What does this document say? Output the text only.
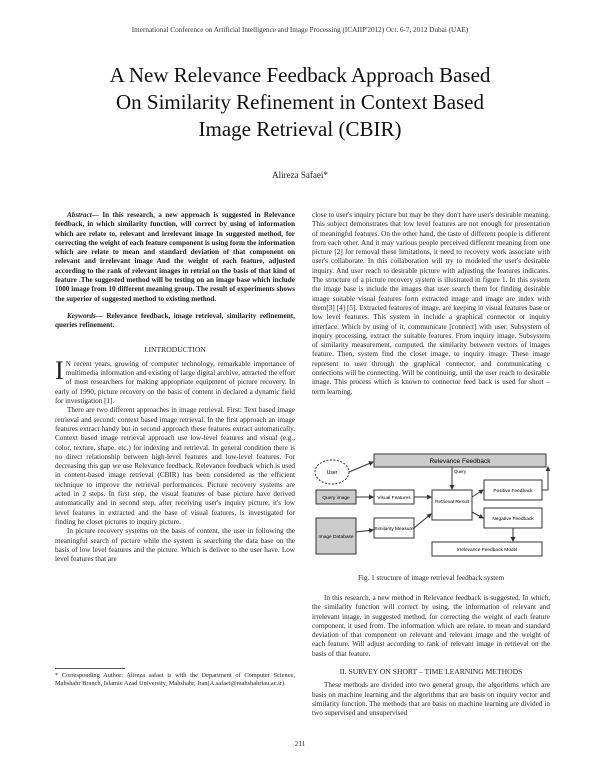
International Conference on Artificial Intelligence and Image Processing (ICAIIP'2012) Oct. 6-7, 2012 Dubai (UAE)
A New Relevance Feedback Approach Based
On Similarity Refinement in Context Based
Image Retrieval (CBIR)
Alireza Safaei*

Abstract— In this research, a new approach is suggested in Relevance feedback, in which similarity function, will correct by using of information which are relate to, relevant and irrelevant image In suggested method, for correcting the weight of each feature component is using form the information which are relate to mean and standard deviation of that component on relevant and irrelevant image And the weight of each feature, adjusted according to the rank of relevant images in retrial on the basis of that kind of feature .The suggested method will be testing on an image base which include 1000 image from 10 different meaning group. The result of experiments shows the superior of suggested method to existing method.

Keywords— Relevance feedback, image retrieval, similarity refinement, queries refinement.

I.INTRODUCTION

I N recent years, growing of computer technology, remarkable importance of multimedia information and existing of large digital archive, attracted the effort of most researchers for making appropriate equipment of picture recovery. In early of 1990, picture recovery on the basis of content in declared a dynamic field for investigation [1].

There are two different approaches in image retrieval. First: Text based image retrieval and second: context based image retrieval. In the first approach an image features extract handy but in second approach these features extract automatically. Context based image retrieval approach use low-level features and visual (e.g., color, texture, shape, etc.) for indexing and retrieval. In general condition there is no direct relationship between high-level features and low-level features. For decreasing this gap we use Relevance feedback. Relevance feedback which is used in content-based image retrieval (CBIR) has been considered as the efficient technique to improve the retrieval performances. Picture recovery systems are acted in 2 steps. In first step, the visual features of base picture have derived automatically and in second step, after receiving user's inquiry picture, it's low level features in extracted and the base of visual features, is investigated for finding he closet pictures to inquiry picture.

In picture recovery systems on the basis of content, the user in following the meaningful search of picture while the system is searching the data base on the basis of low level features and the picture. Which is deliver to the user have. Low level features that are

* Corresponding Author: Alireza safaei is with the Department of Computer Science, Mahshahr Branch, Islamic Azad University, Mahshahr, Iran(A.safaei@mahshahriau.ac.ir).

close to user's inquiry picture but may be they don't have user's desirable meaning. This subject demonstrates that low level features are not enough for presentation of meaningful features. On the other hand, the taste of different people is different from each other. And it may various people perceived different meaning from one picture [2] for removal these limitations, it need to recovery work associate with user's collaborate. In this collaboration will try to modeled the user's desirable inquiry. And user reach to desirable picture with adjusting the features indicates. The structure of a picture recovery system is illustrated in figure 1. In this system the image base is include the images that user search them for finding desirable image suitable visual features form extracted image and image are index with them[3] [4] [5]. Extracted features of image. are keeping in visual features base or low level features. This system in include a graphical connector or inquiry interface. Which by using of it, communicate [connect] with user. Subsystem of inquiry processing, extract the suitable features. From inquiry image. Subsystem of similarity measurement, computed. the similarity between vectors of images feature. Then, system find the closet image, to inquiry image. These image represent to user through the graphical connector, and communicating c onnections will be connecting. Will be continuing, until the user reach to desirable image. This process which is known to connector feed back is used for short – term learning.

User
Relevance Feedback
Query
Query image	Visual Features
Retrieval Result
Positive Feedback
Negative Feedback
Image Database
Similarity Measure
Irrelevance Feedback Model
Fig. 1 structure of image retrieval feedback system

In this research, a new method in Relevance feedback is suggested. In which, the similarity function will correct by using, the information of relevant and irrelevant image, in suggested method, for correcting the weight of each feature component, it used from. The information which are relate. to mean and standard deviation of that component on relevant and relevant image and the weight of each feature. Will adjust according to rank of relevant image in retrieval on the basis of that feature.

II. SURVEY ON SHORT – TIME LEARNING METHODS

These methods are divided into two general group, the algorithms which are basis on machine learning and the algorithms that are basis on inquiry vector and similarity function. The methods that are basis on machine learning are divided in two supervised and unsupervised

211
